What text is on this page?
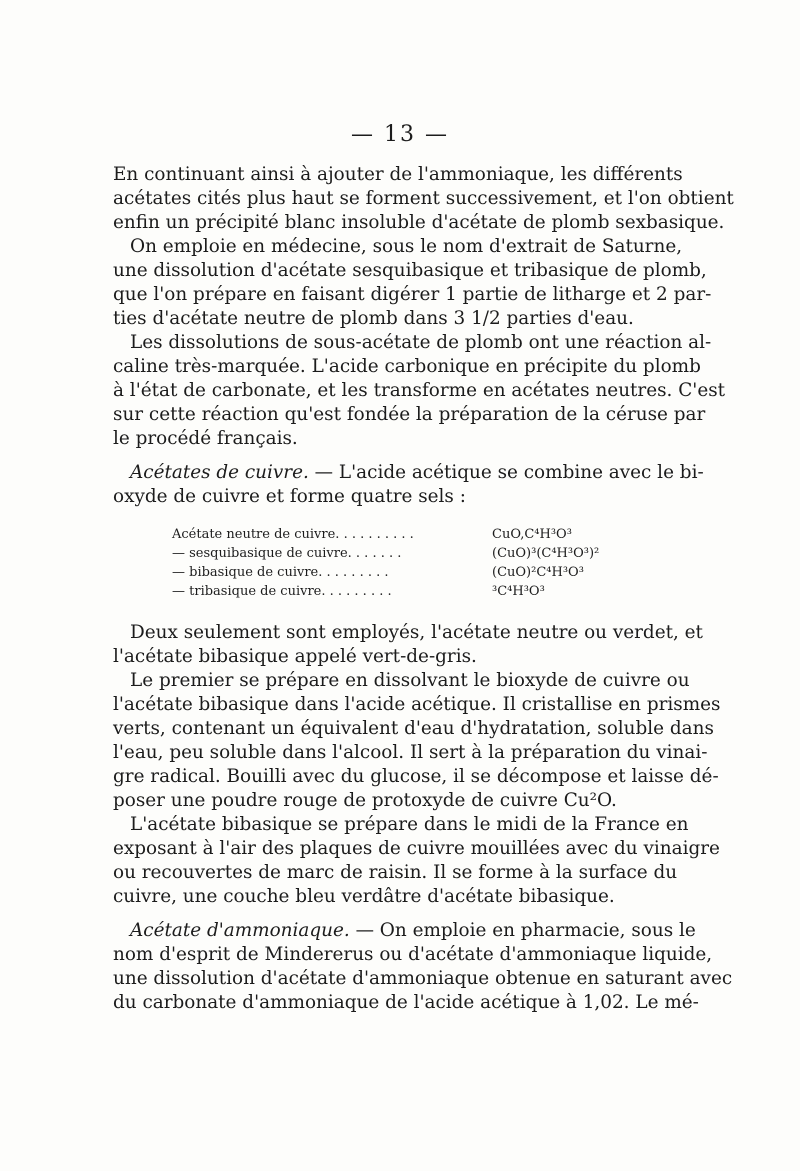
— 13 —
En continuant ainsi à ajouter de l'ammoniaque, les différents
acétates cités plus haut se forment successivement, et l'on obtient
enfin un précipité blanc insoluble d'acétate de plomb sexbasique.
On emploie en médecine, sous le nom d'extrait de Saturne,
une dissolution d'acétate sesquibasique et tribasique de plomb,
que l'on prépare en faisant digérer 1 partie de litharge et 2 par-
ties d'acétate neutre de plomb dans 3 1/2 parties d'eau.
Les dissolutions de sous-acétate de plomb ont une réaction al-
caline très-marquée. L'acide carbonique en précipite du plomb
à l'état de carbonate, et les transforme en acétates neutres. C'est
sur cette réaction qu'est fondée la préparation de la céruse par
le procédé français.
Acétates de cuivre. — L'acide acétique se combine avec le bi-
oxyde de cuivre et forme quatre sels :
Acétate neutre de cuivre. . . . . . . . . .	CuO,C⁴H³O³
— sesquibasique de cuivre. . . . . . .	(CuO)³(C⁴H³O³)²
— bibasique de cuivre. . . . . . . . .	(CuO)²C⁴H³O³
— tribasique de cuivre. . . . . . . . .	³C⁴H³O³
Deux seulement sont employés, l'acétate neutre ou verdet, et
l'acétate bibasique appelé vert-de-gris.
Le premier se prépare en dissolvant le bioxyde de cuivre ou
l'acétate bibasique dans l'acide acétique. Il cristallise en prismes
verts, contenant un équivalent d'eau d'hydratation, soluble dans
l'eau, peu soluble dans l'alcool. Il sert à la préparation du vinai-
gre radical. Bouilli avec du glucose, il se décompose et laisse dé-
poser une poudre rouge de protoxyde de cuivre Cu²O.
L'acétate bibasique se prépare dans le midi de la France en
exposant à l'air des plaques de cuivre mouillées avec du vinaigre
ou recouvertes de marc de raisin. Il se forme à la surface du
cuivre, une couche bleu verdâtre d'acétate bibasique.
Acétate d'ammoniaque. — On emploie en pharmacie, sous le
nom d'esprit de Mindererus ou d'acétate d'ammoniaque liquide,
une dissolution d'acétate d'ammoniaque obtenue en saturant avec
du carbonate d'ammoniaque de l'acide acétique à 1,02. Le mé-
